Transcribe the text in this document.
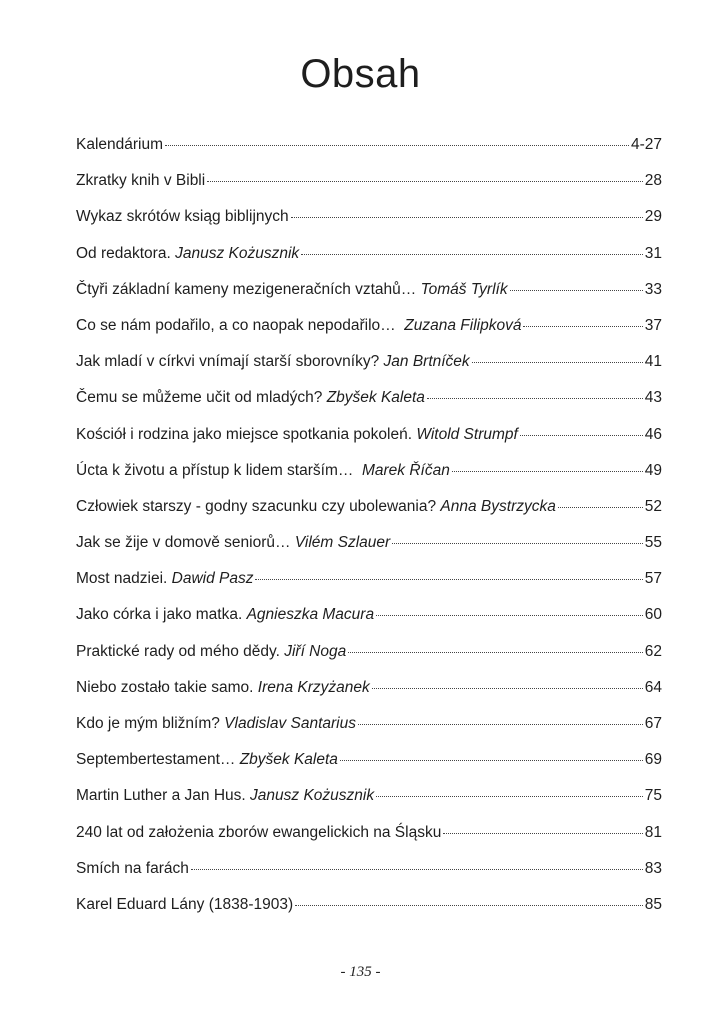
Obsah
Kalendárium	4-27
Zkratky knih v Bibli	28
Wykaz skrótów ksiąg biblijnych	29
Od redaktora. Janusz Kożusznik	31
Čtyři základní kameny mezigeneračních vztahů… Tomáš Tyrlík	33
Co se nám podařilo, a co naopak nepodařilo…  Zuzana Filipková	37
Jak mladí v církvi vnímají starší sborovníky? Jan Brtníček	41
Čemu se můžeme učit od mladých? Zbyšek Kaleta	43
Kościół i rodzina jako miejsce spotkania pokoleń. Witold Strumpf	46
Úcta k životu a přístup k lidem starším…  Marek Říčan	49
Człowiek starszy - godny szacunku czy ubolewania? Anna Bystrzycka	52
Jak se žije v domově seniorů… Vilém Szlauer	55
Most nadziei. Dawid Pasz	57
Jako córka i jako matka. Agnieszka Macura	60
Praktické rady od mého dědy. Jiří Noga	62
Niebo zostało takie samo. Irena Krzyżanek	64
Kdo je mým bližním? Vladislav Santarius	67
Septembertestament… Zbyšek Kaleta	69
Martin Luther a Jan Hus. Janusz Kożusznik	75
240 lat od założenia zborów ewangelickich na Śląsku	81
Smích na farách	83
Karel Eduard Lány (1838-1903)	85
- 135 -
